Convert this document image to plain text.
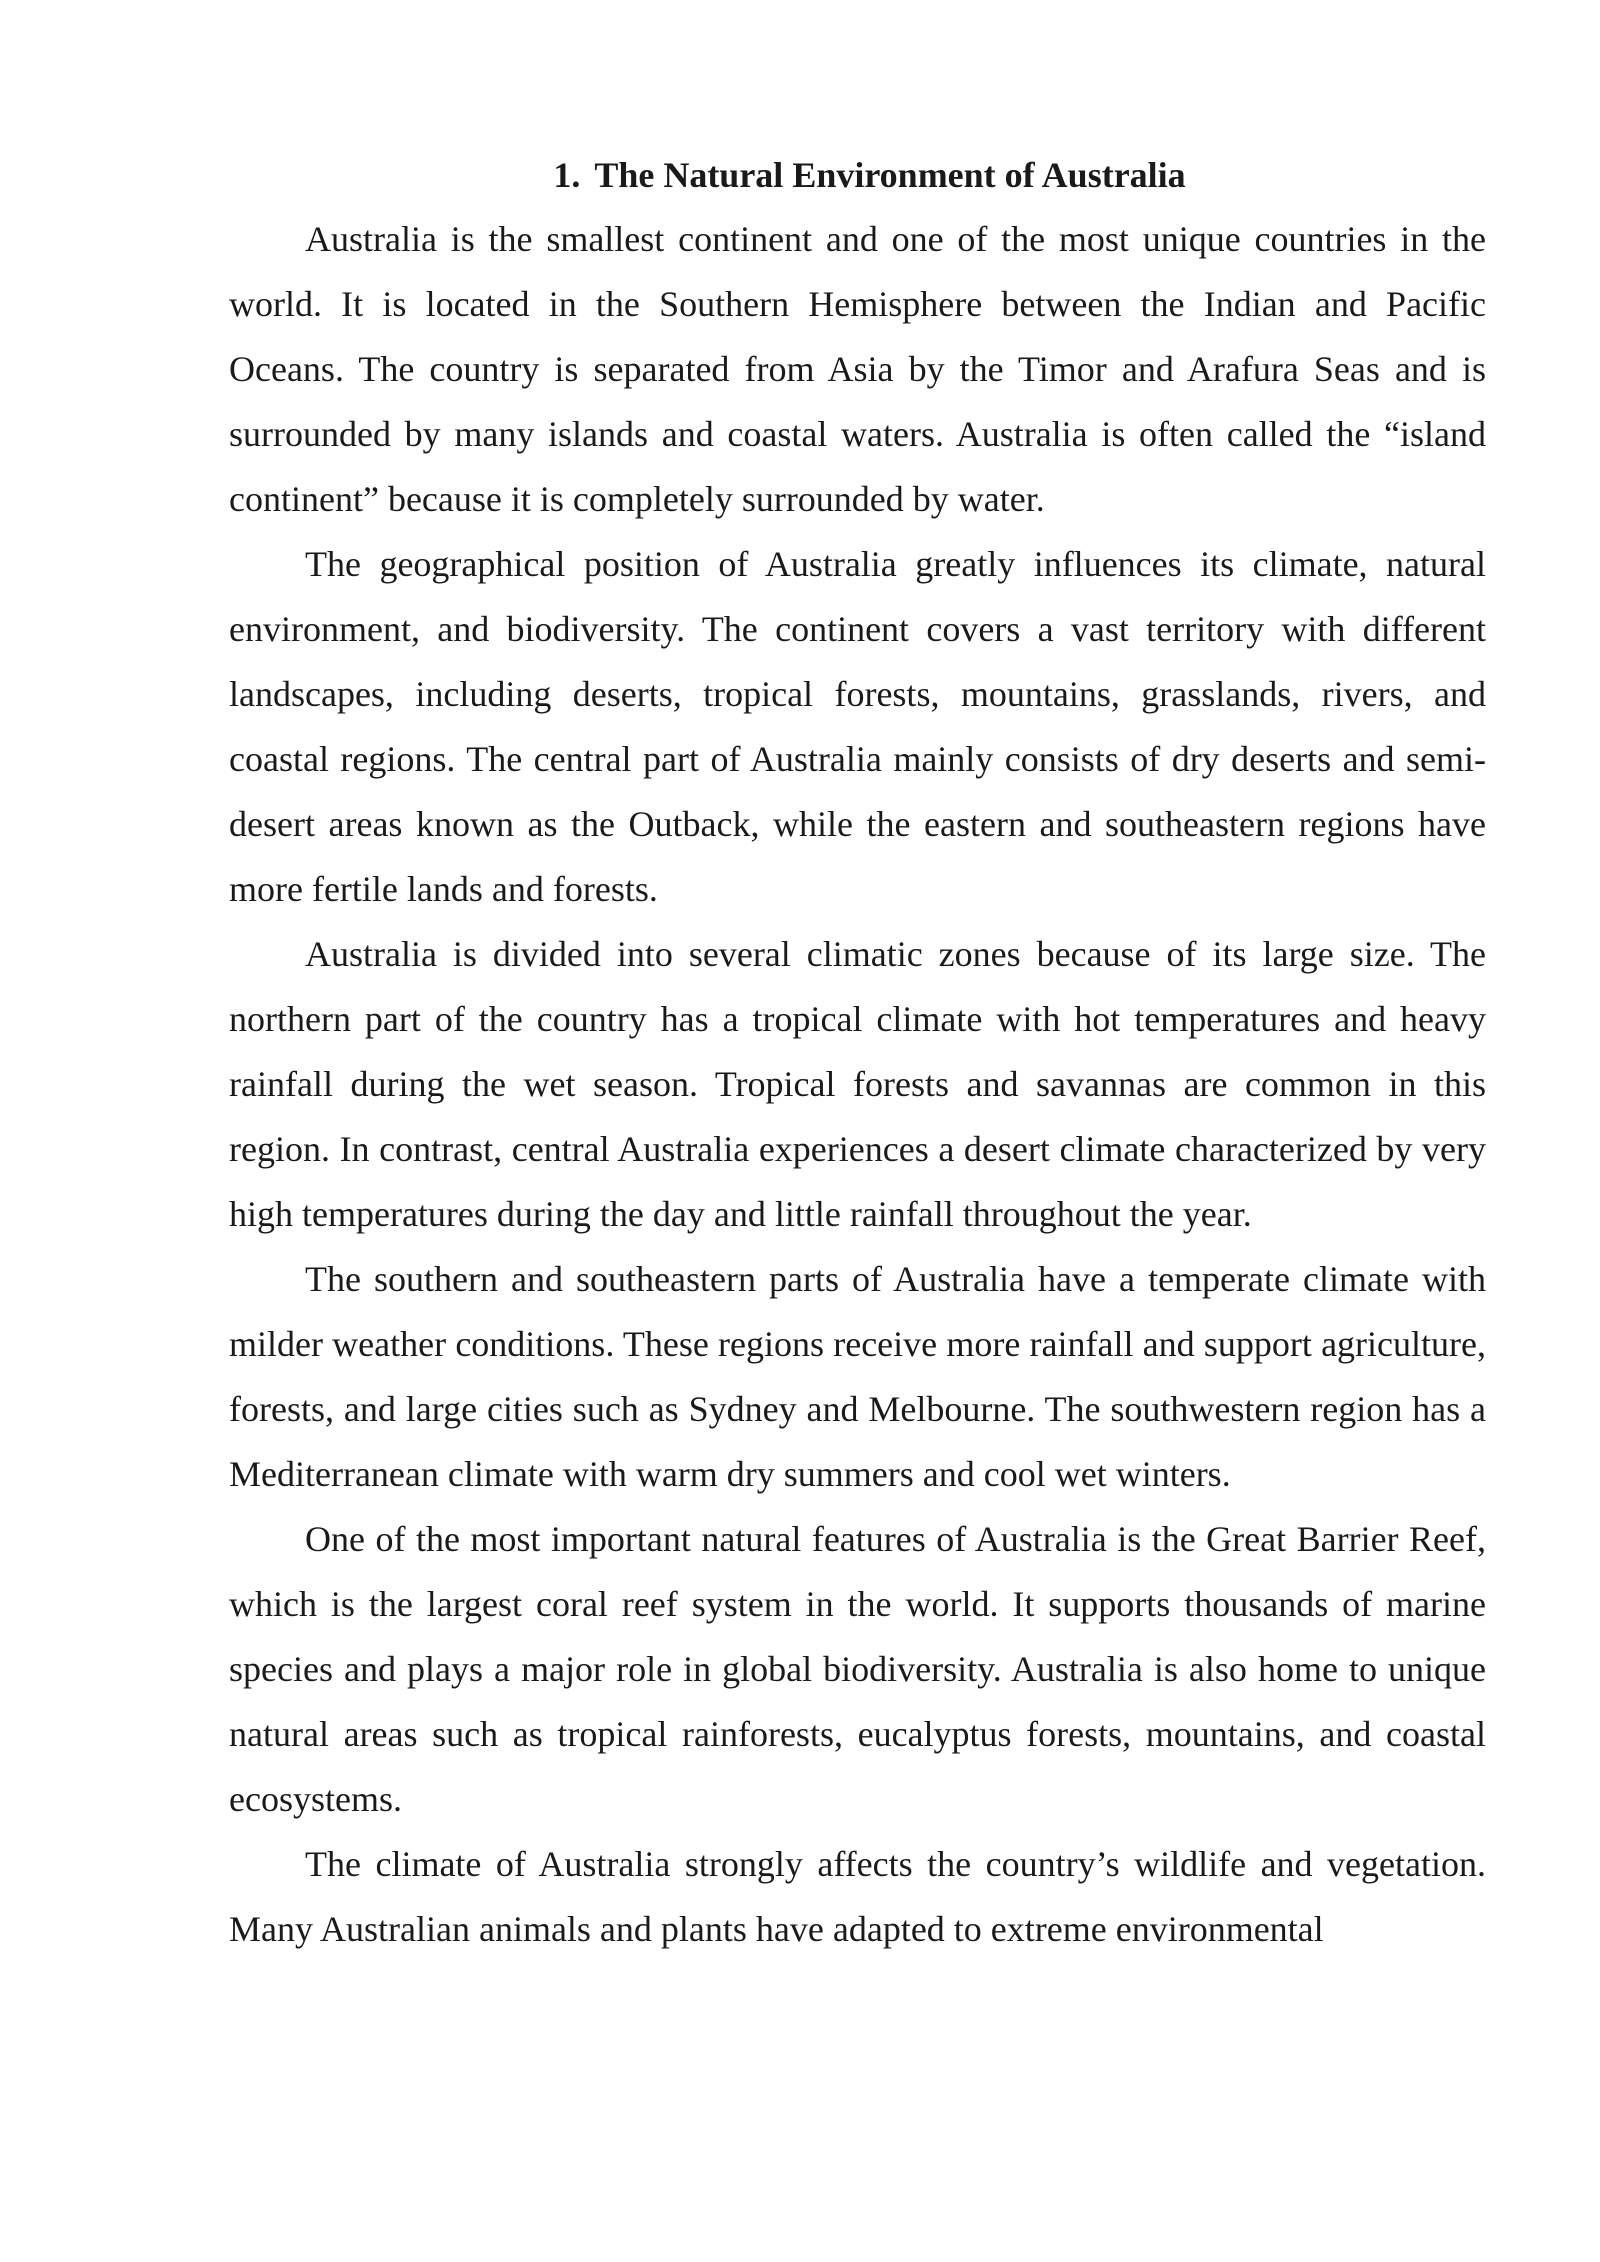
1. The Natural Environment of Australia

Australia is the smallest continent and one of the most unique countries in the world. It is located in the Southern Hemisphere between the Indian and Pacific Oceans. The country is separated from Asia by the Timor and Arafura Seas and is surrounded by many islands and coastal waters. Australia is often called the “island continent” because it is completely surrounded by water.

The geographical position of Australia greatly influences its climate, natural environment, and biodiversity. The continent covers a vast territory with different landscapes, including deserts, tropical forests, mountains, grasslands, rivers, and coastal regions. The central part of Australia mainly consists of dry deserts and semi-desert areas known as the Outback, while the eastern and southeastern regions have more fertile lands and forests.

Australia is divided into several climatic zones because of its large size. The northern part of the country has a tropical climate with hot temperatures and heavy rainfall during the wet season. Tropical forests and savannas are common in this region. In contrast, central Australia experiences a desert climate characterized by very high temperatures during the day and little rainfall throughout the year.

The southern and southeastern parts of Australia have a temperate climate with milder weather conditions. These regions receive more rainfall and support agriculture, forests, and large cities such as Sydney and Melbourne. The southwestern region has a Mediterranean climate with warm dry summers and cool wet winters.

One of the most important natural features of Australia is the Great Barrier Reef, which is the largest coral reef system in the world. It supports thousands of marine species and plays a major role in global biodiversity. Australia is also home to unique natural areas such as tropical rainforests, eucalyptus forests, mountains, and coastal ecosystems.

The climate of Australia strongly affects the country’s wildlife and vegetation. Many Australian animals and plants have adapted to extreme environmental
